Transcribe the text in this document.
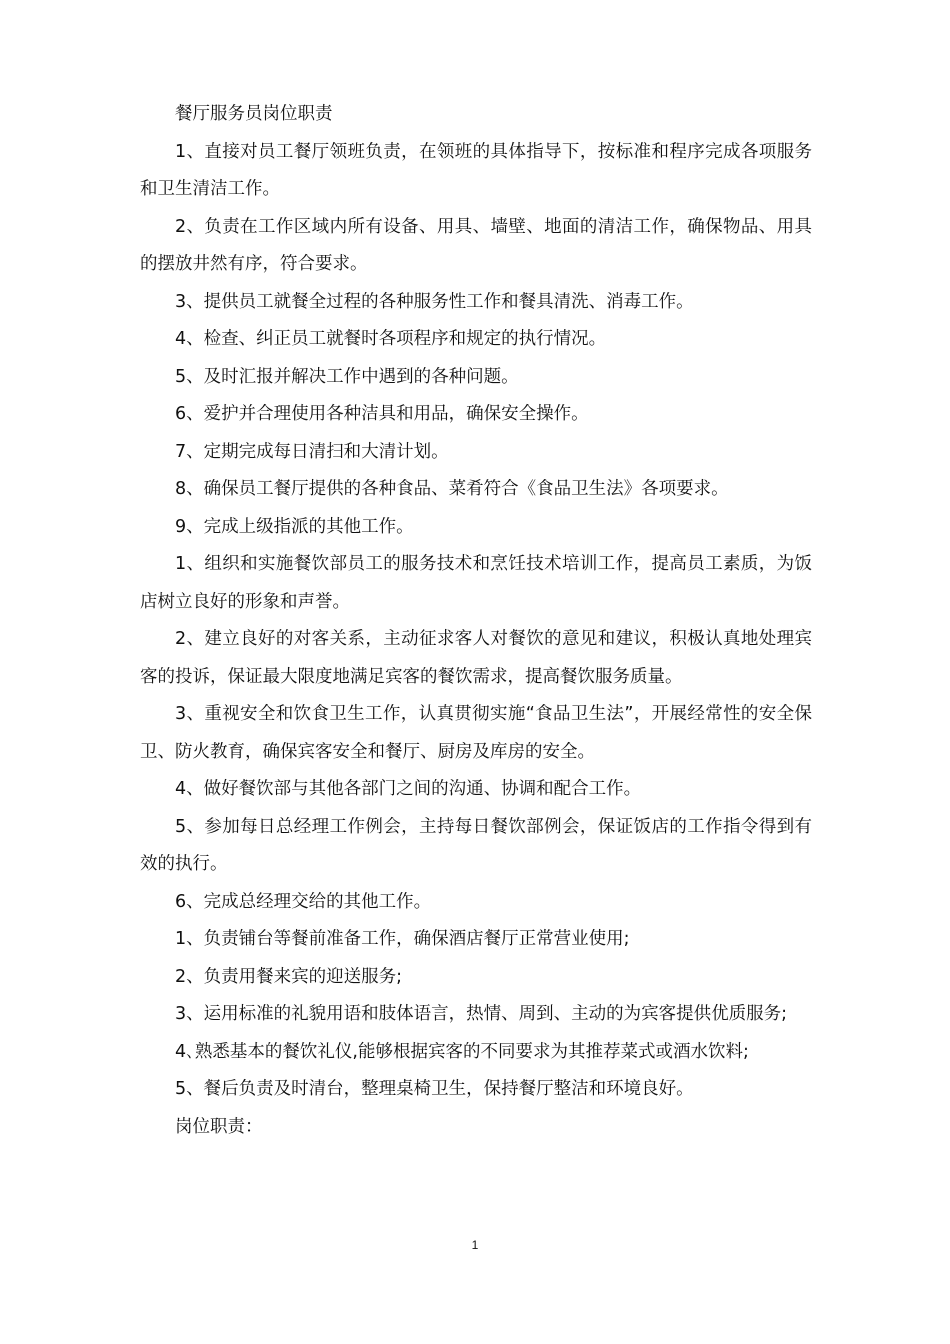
餐厅服务员岗位职责

1、直接对员工餐厅领班负责，在领班的具体指导下，按标准和程序完成各项服务和卫生清洁工作。

2、负责在工作区域内所有设备、用具、墙壁、地面的清洁工作，确保物品、用具的摆放井然有序，符合要求。

3、提供员工就餐全过程的各种服务性工作和餐具清洗、消毒工作。

4、检查、纠正员工就餐时各项程序和规定的执行情况。

5、及时汇报并解决工作中遇到的各种问题。

6、爱护并合理使用各种洁具和用品，确保安全操作。

7、定期完成每日清扫和大清计划。

8、确保员工餐厅提供的各种食品、菜肴符合《食品卫生法》各项要求。

9、完成上级指派的其他工作。

1、组织和实施餐饮部员工的服务技术和烹饪技术培训工作，提高员工素质，为饭店树立良好的形象和声誉。

2、建立良好的对客关系，主动征求客人对餐饮的意见和建议，积极认真地处理宾客的投诉，保证最大限度地满足宾客的餐饮需求，提高餐饮服务质量。

3、重视安全和饮食卫生工作，认真贯彻实施“食品卫生法”，开展经常性的安全保卫、防火教育，确保宾客安全和餐厅、厨房及库房的安全。

4、做好餐饮部与其他各部门之间的沟通、协调和配合工作。

5、参加每日总经理工作例会，主持每日餐饮部例会，保证饭店的工作指令得到有效的执行。

6、完成总经理交给的其他工作。

1、负责铺台等餐前准备工作，确保酒店餐厅正常营业使用;

2、负责用餐来宾的迎送服务;

3、运用标准的礼貌用语和肢体语言，热情、周到、主动的为宾客提供优质服务;

4､熟悉基本的餐饮礼仪,能够根据宾客的不同要求为其推荐菜式或酒水饮料;

5、餐后负责及时清台，整理桌椅卫生，保持餐厅整洁和环境良好。

岗位职责：

1
